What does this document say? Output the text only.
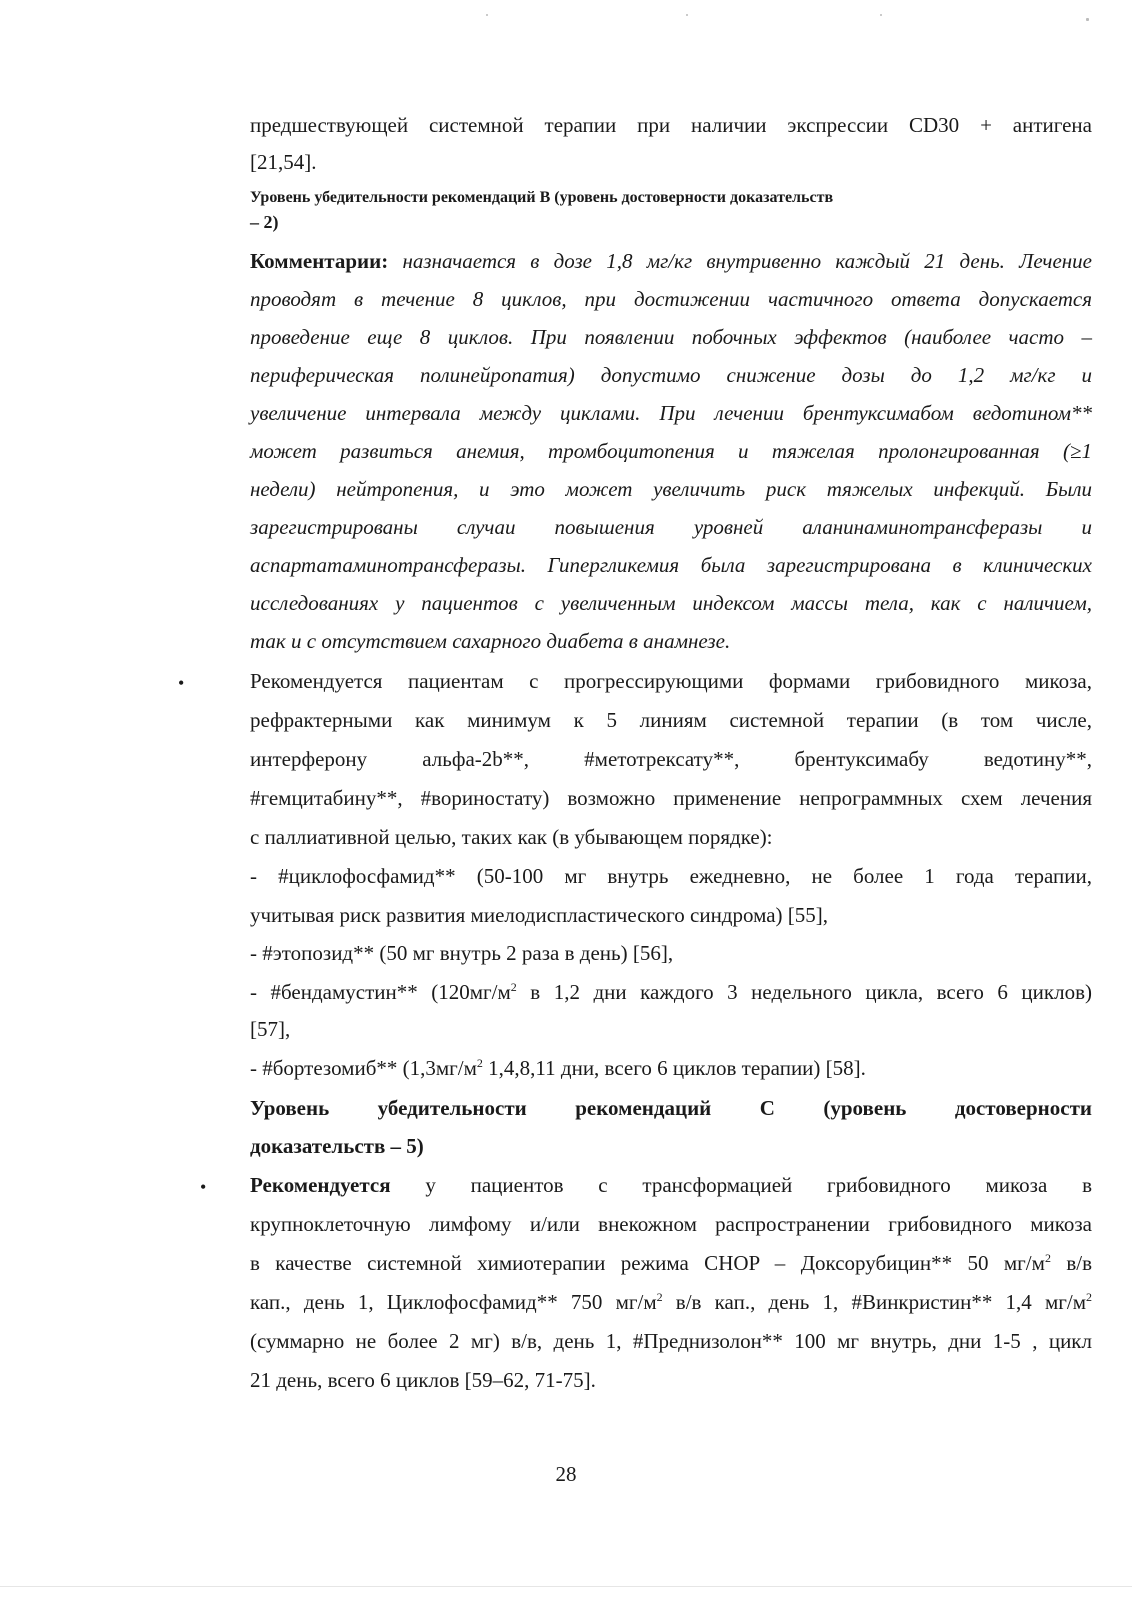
предшествующей системной терапии при наличии экспрессии CD30 + антигена
[21,54].
Уровень убедительности рекомендаций B (уровень достоверности доказательств
– 2)
Комментарии: назначается в дозе 1,8 мг/кг внутривенно каждый 21 день. Лечение
проводят в течение 8 циклов, при достижении частичного ответа допускается
проведение еще 8 циклов. При появлении побочных эффектов (наиболее часто –
периферическая полинейропатия) допустимо снижение дозы до 1,2 мг/кг и
увеличение интервала между циклами. При лечении брентуксимабом ведотином**
может развиться анемия, тромбоцитопения и тяжелая пролонгированная (≥1
недели) нейтропения, и это может увеличить риск тяжелых инфекций. Были
зарегистрированы случаи повышения уровней аланинаминотрансферазы и
аспартатаминотрансферазы. Гипергликемия была зарегистрирована в клинических
исследованиях у пациентов с увеличенным индексом массы тела, как с наличием,
так и с отсутствием сахарного диабета в анамнезе.
•	Рекомендуется пациентам с прогрессирующими формами грибовидного микоза,
рефрактерными как минимум к 5 линиям системной терапии (в том числе,
интерферону альфа-2b**, #метотрексату**, брентуксимабу ведотину**,
#гемцитабину**, #вориностату) возможно применение непрограммных схем лечения
с паллиативной целью, таких как (в убывающем порядке):
- #циклофосфамид** (50-100 мг внутрь ежедневно, не более 1 года терапии,
учитывая риск развития миелодиспластического синдрома) [55],
- #этопозид** (50 мг внутрь 2 раза в день) [56],
- #бендамустин** ($120мг/м^2$ в 1,2 дни каждого 3 недельного цикла, всего 6 циклов)
[57],
- #бортезомиб** ($1,3мг/м^2$ 1,4,8,11 дни, всего 6 циклов терапии) [58].
Уровень убедительности рекомендаций C (уровень достоверности
доказательств – 5)
• Рекомендуется у пациентов с трансформацией грибовидного микоза в
крупноклеточную лимфому и/или внекожном распространении грибовидного микоза
в качестве системной химиотерапии режима CHOP – Доксорубицин** 50 $мг/м^2$ в/в
кап., день 1, Циклофосфамид** 750 $мг/м^2$ в/в кап., день 1, #Винкристин** 1,4 $мг/м^2$
(суммарно не более 2 мг) в/в, день 1, #Преднизолон** 100 мг внутрь, дни 1-5 , цикл
21 день, всего 6 циклов [59–62, 71-75].
28
